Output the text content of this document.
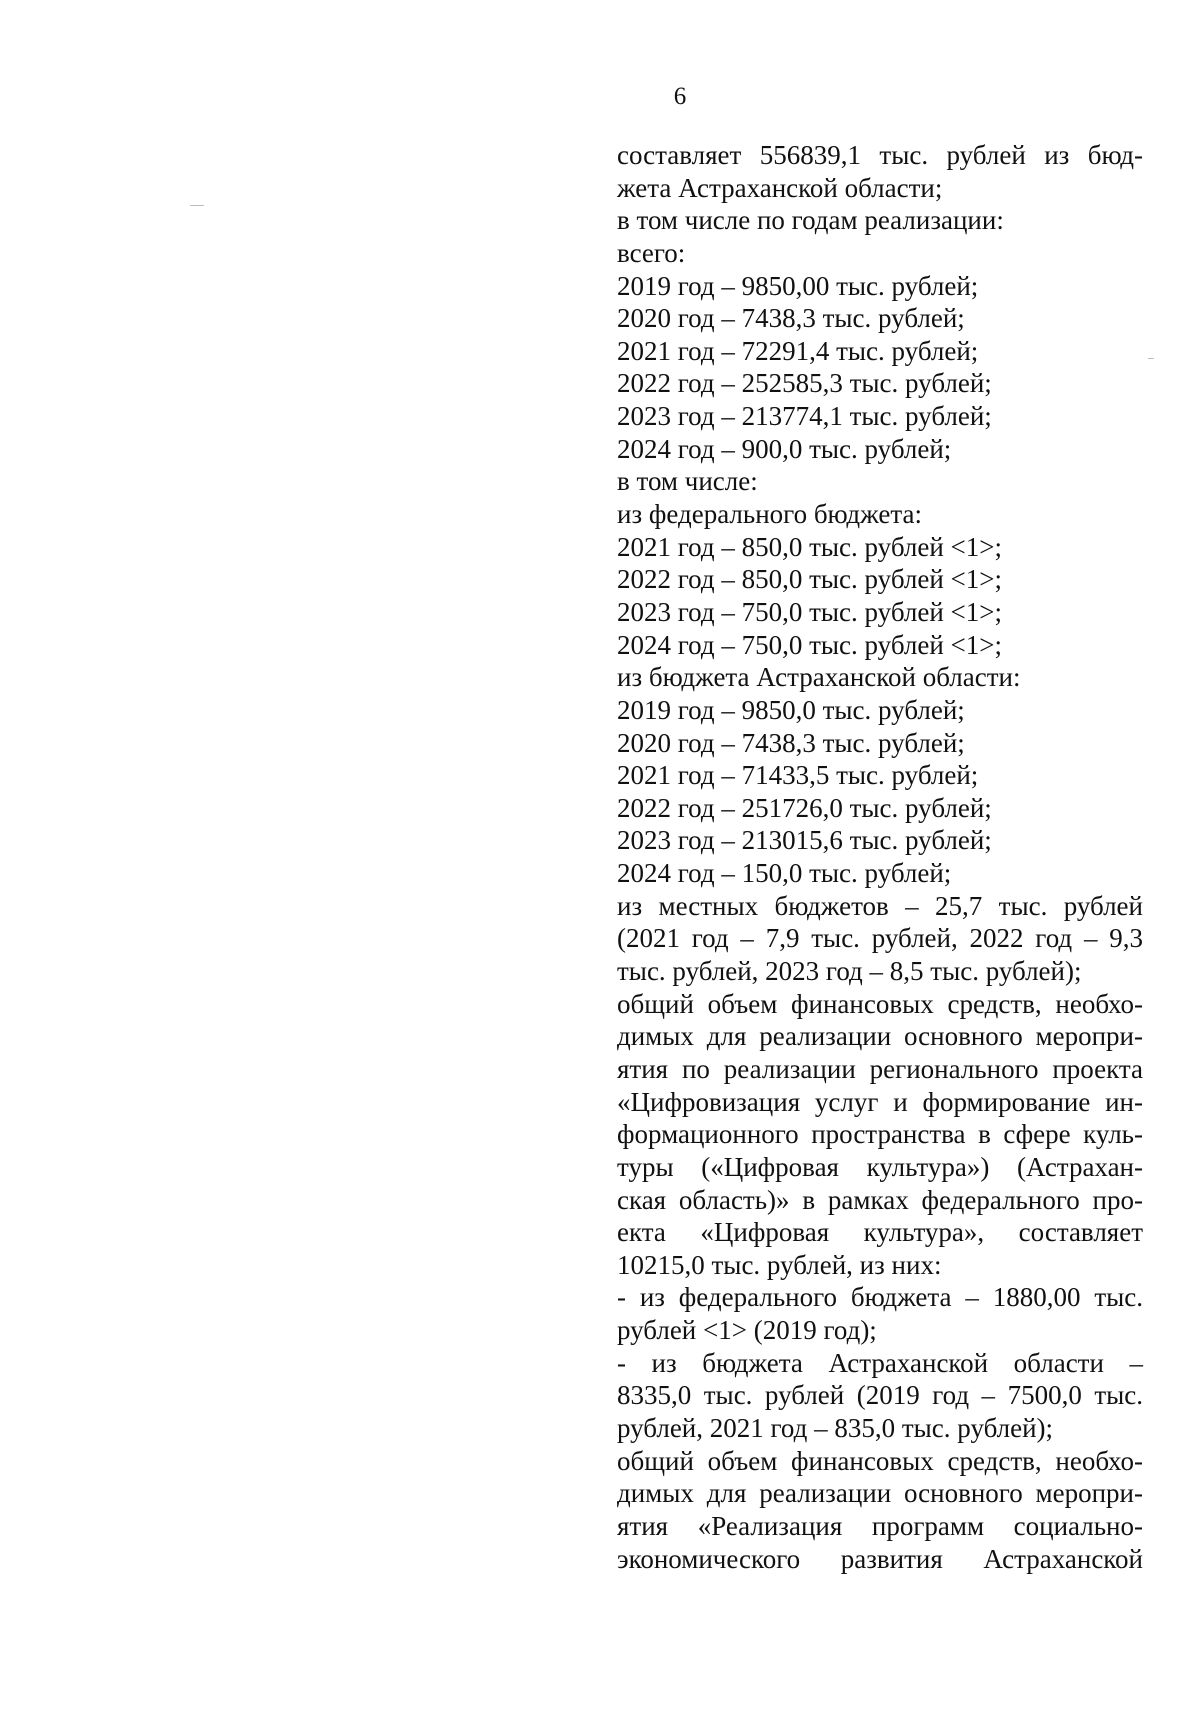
6
составляет 556839,1 тыс. рублей из бюд-
жета Астраханской области;
в том числе по годам реализации:
всего:
2019 год – 9850,00 тыс. рублей;
2020 год – 7438,3 тыс. рублей;
2021 год – 72291,4 тыс. рублей;
2022 год – 252585,3 тыс. рублей;
2023 год – 213774,1 тыс. рублей;
2024 год – 900,0 тыс. рублей;
в том числе:
из федерального бюджета:
2021 год – 850,0 тыс. рублей <1>;
2022 год – 850,0 тыс. рублей <1>;
2023 год – 750,0 тыс. рублей <1>;
2024 год – 750,0 тыс. рублей <1>;
из бюджета Астраханской области:
2019 год – 9850,0 тыс. рублей;
2020 год – 7438,3 тыс. рублей;
2021 год – 71433,5 тыс. рублей;
2022 год – 251726,0 тыс. рублей;
2023 год – 213015,6 тыс. рублей;
2024 год – 150,0 тыс. рублей;
из местных бюджетов – 25,7 тыс. рублей
(2021 год – 7,9 тыс. рублей, 2022 год – 9,3
тыс. рублей, 2023 год – 8,5 тыс. рублей);
общий объем финансовых средств, необхо-
димых для реализации основного меропри-
ятия по реализации регионального проекта
«Цифровизация услуг и формирование ин-
формационного пространства в сфере куль-
туры («Цифровая культура») (Астрахан-
ская область)» в рамках федерального про-
екта «Цифровая культура», составляет
10215,0 тыс. рублей, из них:
- из федерального бюджета – 1880,00 тыс.
рублей <1> (2019 год);
- из бюджета Астраханской области –
8335,0 тыс. рублей (2019 год – 7500,0 тыс.
рублей, 2021 год – 835,0 тыс. рублей);
общий объем финансовых средств, необхо-
димых для реализации основного меропри-
ятия «Реализация программ социально-
экономического развития Астраханской
